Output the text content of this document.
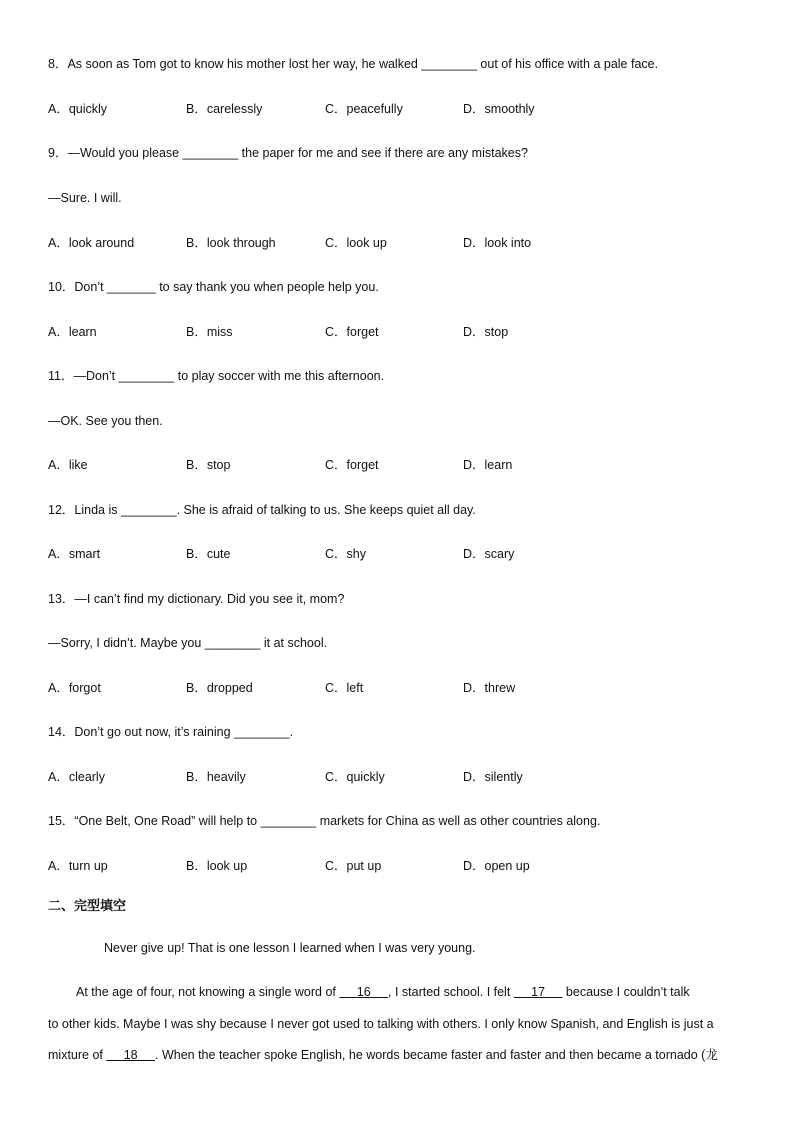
8．As soon as Tom got to know his mother lost her way, he walked ________ out of his office with a pale face.
A．quickly	B．carelessly	C．peacefully	D．smoothly
9．—Would you please ________ the paper for me and see if there are any mistakes?
—Sure. I will.
A．look around	B．look through	C．look up	D．look into
10．Don’t _______ to say thank you when people help you.
A．learn	B．miss	C．forget	D．stop
11．—Don’t ________ to play soccer with me this afternoon.
—OK. See you then.
A．like	B．stop	C．forget	D．learn
12．Linda is ________. She is afraid of talking to us. She keeps quiet all day.
A．smart	B．cute	C．shy	D．scary
13．—I can’t find my dictionary. Did you see it, mom?
—Sorry, I didn’t. Maybe you ________ it at school.
A．forgot	B．dropped	C．left	D．threw
14．Don’t go out now, it’s raining ________.
A．clearly	B．heavily	C．quickly	D．silently
15．“One Belt, One Road” will help to ________ markets for China as well as other countries along.
A．turn up	B．look up	C．put up	D．open up
二、完型填空
Never give up! That is one lesson I learned when I was very young.
At the age of four, not knowing a single word of      16 , I started school. I felt      17      because I couldn’t talk
to other kids. Maybe I was shy because I never got used to talking with others. I only know Spanish, and English is just a
mixture of      18 . When the teacher spoke English, he words became faster and faster and then became a tornado (龙
